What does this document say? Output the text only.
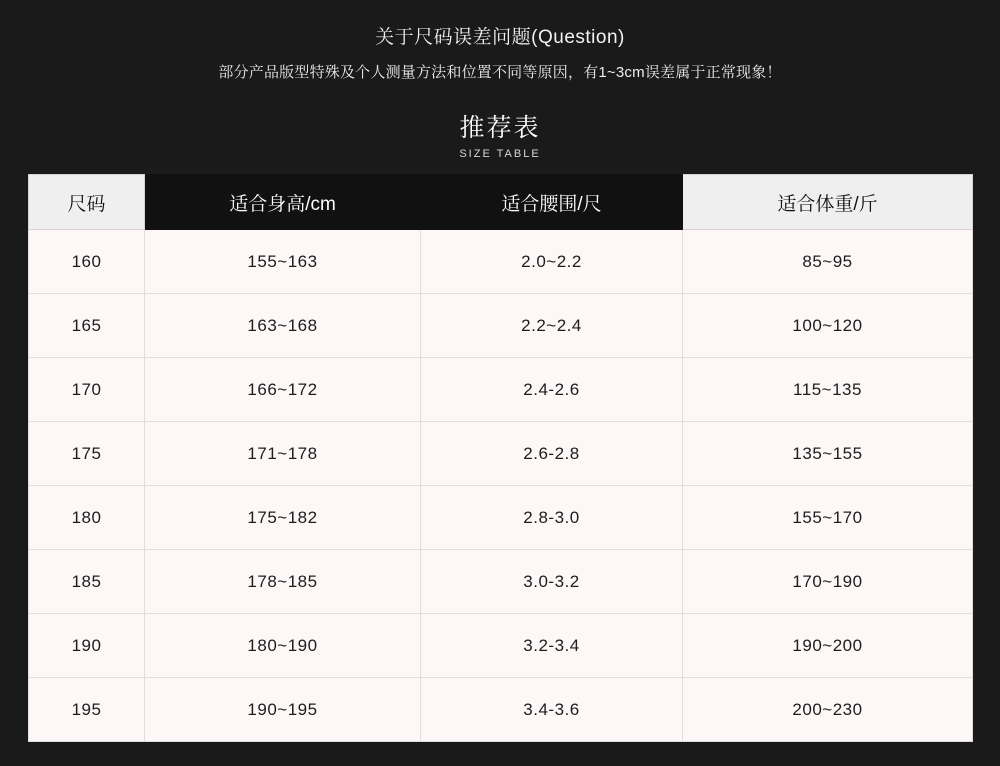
关于尺码误差问题(Question)
部分产品版型特殊及个人测量方法和位置不同等原因，有1~3cm误差属于正常现象！
推荐表
SIZE TABLE
尺码	适合身高/cm	适合腰围/尺	适合体重/斤
160	155~163	2.0~2.2	85~95
165	163~168	2.2~2.4	100~120
170	166~172	2.4-2.6	115~135
175	171~178	2.6-2.8	135~155
180	175~182	2.8-3.0	155~170
185	178~185	3.0-3.2	170~190
190	180~190	3.2-3.4	190~200
195	190~195	3.4-3.6	200~230
